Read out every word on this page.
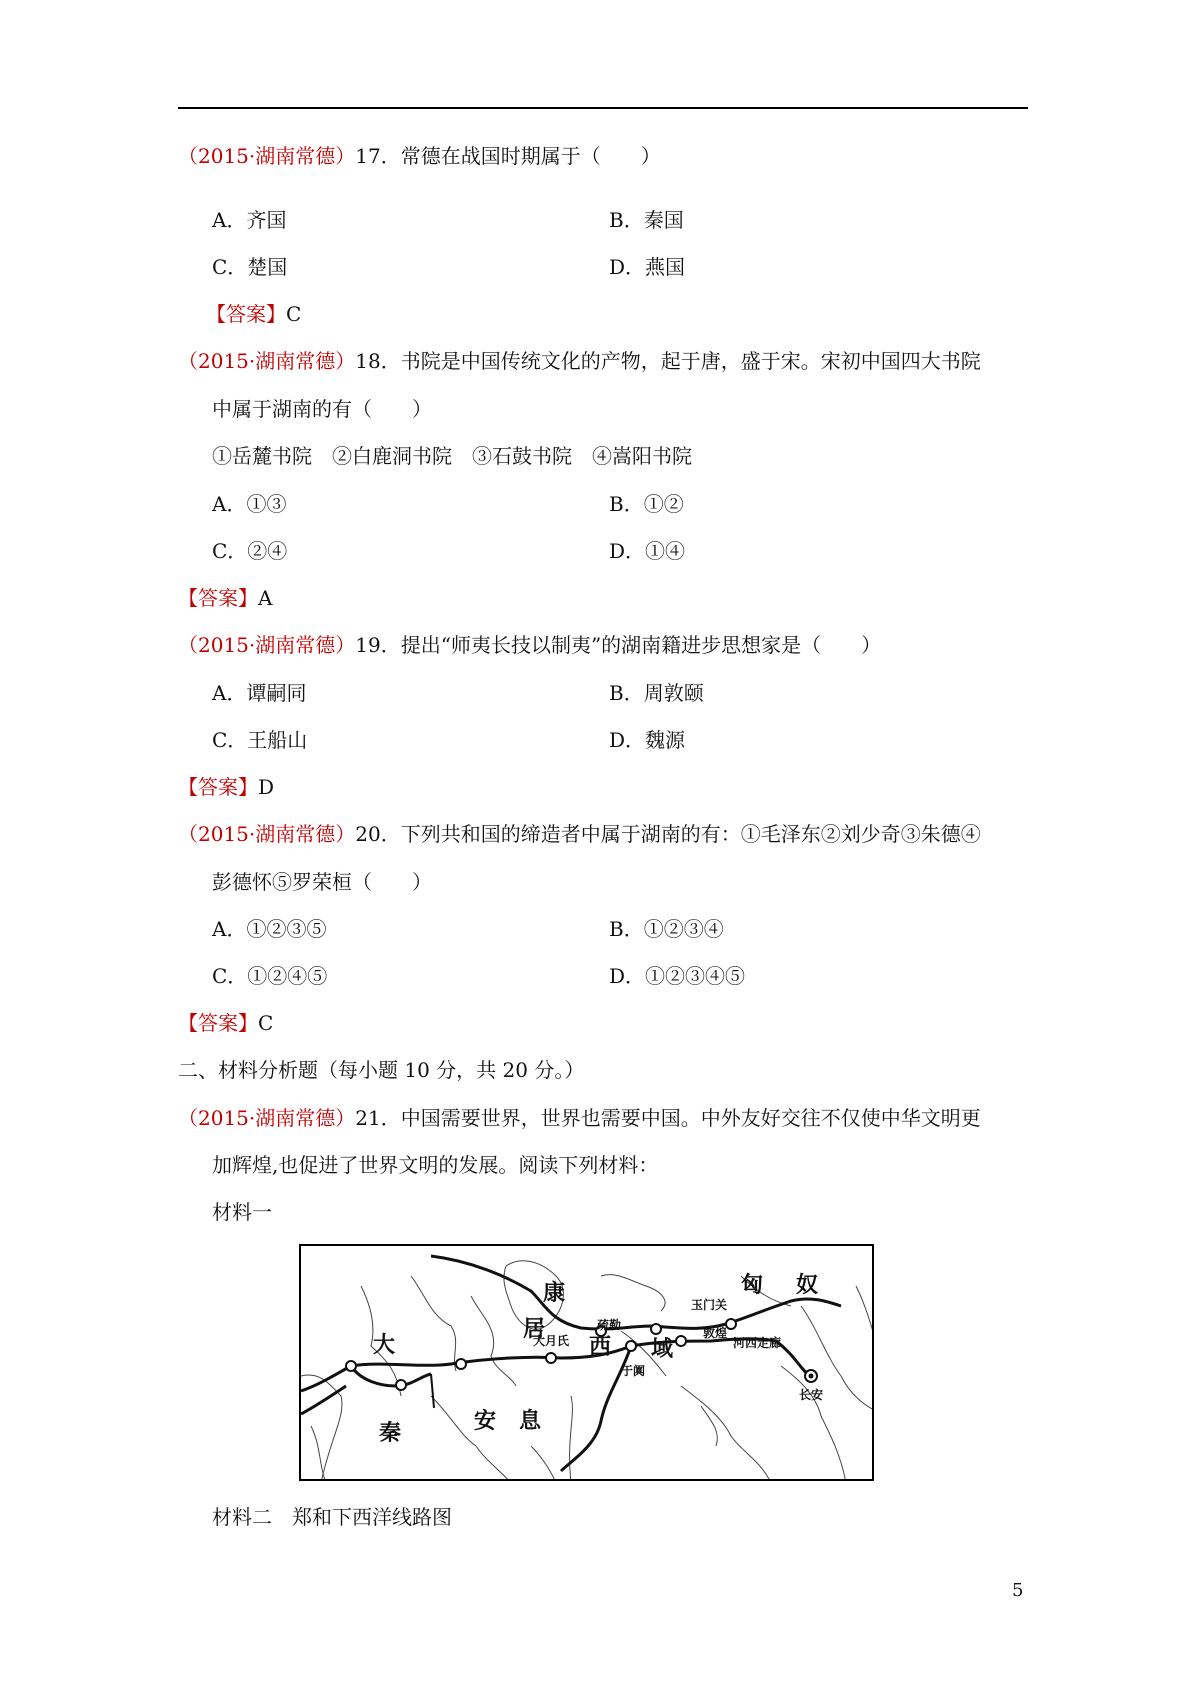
（2015·湖南常德）17．常德在战国时期属于（　　）
A．齐国	B．秦国
C．楚国	D．燕国
【答案】C
（2015·湖南常德）18．书院是中国传统文化的产物，起于唐，盛于宋。宋初中国四大书院
中属于湖南的有（　　）
①岳麓书院　②白鹿洞书院　③石鼓书院　④嵩阳书院
A．①③	B．①②
C．②④	D．①④
【答案】A
（2015·湖南常德）19．提出“师夷长技以制夷”的湖南籍进步思想家是（　　）
A．谭嗣同	B．周敦颐
C．王船山	D．魏源
【答案】D
（2015·湖南常德）20．下列共和国的缔造者中属于湖南的有：①毛泽东②刘少奇③朱德④
彭德怀⑤罗荣桓（　　）
A．①②③⑤	B．①②③④
C．①②④⑤	D．①②③④⑤
【答案】C
二、材料分析题（每小题 10 分，共 20 分。）
（2015·湖南常德）21．中国需要世界，世界也需要中国。中外友好交往不仅使中华文明更
加辉煌,也促进了世界文明的发展。阅读下列材料：
材料一
康
居
大
秦	安 息
西 域
匈 奴
玉门关
疏勒
大月氏
于阗
河西走廊
长安
敦煌
材料二　郑和下西洋线路图
5
